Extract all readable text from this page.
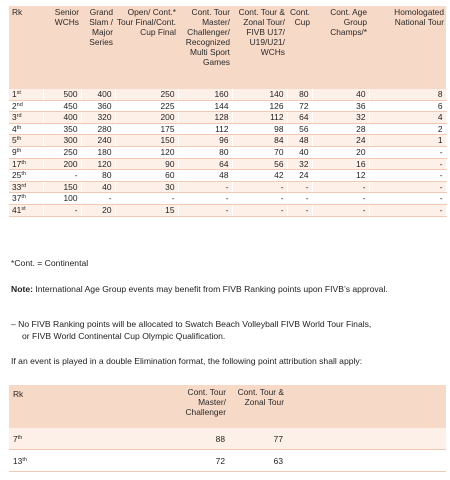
Rk	Senior WCHs	Grand Slam / Major Series	Open/ Cont.* Tour Final/Cont. Cup Final	Cont. Tour Master/ Challenger/ Recognized Multi Sport Games	Cont. Tour & Zonal Tour/ FIVB U17/ U19/U21/ WCHs	Cont. Cup	Cont. Age Group Champs/*	Homologated National Tour
1st	500	400	250	160	140	80	40	8
2nd	450	360	225	144	126	72	36	6
3rd	400	320	200	128	112	64	32	4
4th	350	280	175	112	98	56	28	2
5th	300	240	150	96	84	48	24	1
9th	250	180	120	80	70	40	20	-
17th	200	120	90	64	56	32	16	-
25th	-	80	60	48	42	24	12	-
33rd	150	40	30	-	-	-	-	-
37th	100	-	-	-	-	-	-	-
41st	-	20	15	-	-	-	-	-
*Cont. = Continental
Note: International Age Group events may benefit from FIVB Ranking points upon FIVB’s approval.
– No FIVB Ranking points will be allocated to Swatch Beach Volleyball FIVB World Tour Finals,
or FIVB World Continental Cup Olympic Qualification.
If an event is played in a double Elimination format, the following point attribution shall apply:
Rk	Cont. Tour Master/ Challenger	Cont. Tour & Zonal Tour	
7th	88	77	
13th	72	63	
